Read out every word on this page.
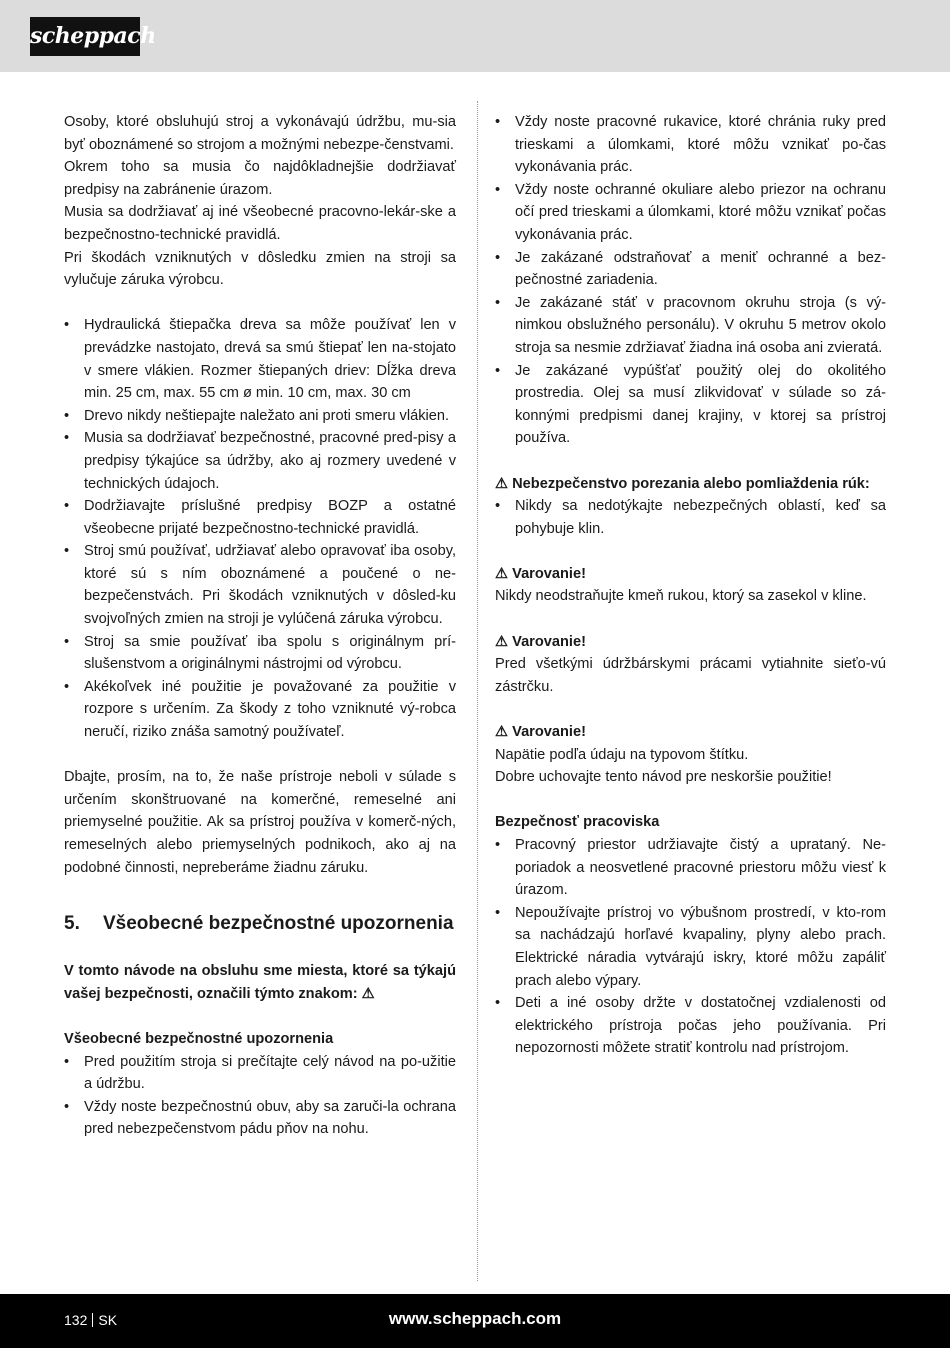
scheppach

Osoby, ktoré obsluhujú stroj a vykonávajú údržbu, mu-sia byť oboznámené so strojom a možnými nebezpe-čenstvami.

Okrem toho sa musia čo najdôkladnejšie dodržiavať predpisy na zabránenie úrazom.

Musia sa dodržiavať aj iné všeobecné pracovno-lekár-ske a bezpečnostno-technické pravidlá.

Pri škodách vzniknutých v dôsledku zmien na stroji sa vylučuje záruka výrobcu.

• Hydraulická štiepačka dreva sa môže používať len v prevádzke nastojato, drevá sa smú štiepať len na-stojato v smere vlákien. Rozmer štiepaných driev: Dĺžka dreva min. 25 cm, max. 55 cm ø min. 10 cm, max. 30 cm
• Drevo nikdy neštiepajte naležato ani proti smeru vlákien.
• Musia sa dodržiavať bezpečnostné, pracovné pred-pisy a predpisy týkajúce sa údržby, ako aj rozmery uvedené v technických údajoch.
• Dodržiavajte príslušné predpisy BOZP a ostatné všeobecne prijaté bezpečnostno-technické pravidlá.
• Stroj smú používať, udržiavať alebo opravovať iba osoby, ktoré sú s ním oboznámené a poučené o ne-bezpečenstvách. Pri škodách vzniknutých v dôsled-ku svojvoľných zmien na stroji je vylúčená záruka výrobcu.
• Stroj sa smie používať iba spolu s originálnym prí-slušenstvom a originálnymi nástrojmi od výrobcu.
• Akékoľvek iné použitie je považované za použitie v rozpore s určením. Za škody z toho vzniknuté vý-robca neručí, riziko znáša samotný používateľ.

Dbajte, prosím, na to, že naše prístroje neboli v súlade s určením skonštruované na komerčné, remeselné ani priemyselné použitie. Ak sa prístroj používa v komerč-ných, remeselných alebo priemyselných podnikoch, ako aj na podobné činnosti, nepreberáme žiadnu záruku.

5.	Všeobecné bezpečnostné upozornenia

V tomto návode na obsluhu sme miesta, ktoré sa týkajú vašej bezpečnosti, označili týmto znakom: ⚠

Všeobecné bezpečnostné upozornenia

• Pred použitím stroja si prečítajte celý návod na po-užitie a údržbu.
• Vždy noste bezpečnostnú obuv, aby sa zaruči-la ochrana pred nebezpečenstvom pádu pňov na nohu.
• Vždy noste pracovné rukavice, ktoré chránia ruky pred trieskami a úlomkami, ktoré môžu vznikať po-čas vykonávania prác.
• Vždy noste ochranné okuliare alebo priezor na ochranu očí pred trieskami a úlomkami, ktoré môžu vznikať počas vykonávania prác.
• Je zakázané odstraňovať a meniť ochranné a bez-pečnostné zariadenia.
• Je zakázané stáť v pracovnom okruhu stroja (s vý-nimkou obslužného personálu). V okruhu 5 metrov okolo stroja sa nesmie zdržiavať žiadna iná osoba ani zvieratá.
• Je zakázané vypúšťať použitý olej do okolitého prostredia. Olej sa musí zlikvidovať v súlade so zá-konnými predpismi danej krajiny, v ktorej sa prístroj používa.

⚠ Nebezpečenstvo porezania alebo pomliaždenia rúk:

• Nikdy sa nedotýkajte nebezpečných oblastí, keď sa pohybuje klin.

⚠ Varovanie!

Nikdy neodstraňujte kmeň rukou, ktorý sa zasekol v kline.

⚠ Varovanie!

Pred všetkými údržbárskymi prácami vytiahnite sieťo-vú zástrčku.

⚠ Varovanie!

Napätie podľa údaju na typovom štítku.

Dobre uchovajte tento návod pre neskoršie použitie!

Bezpečnosť pracoviska

• Pracovný priestor udržiavajte čistý a uprataný. Ne-poriadok a neosvetlené pracovné priestoru môžu viesť k úrazom.
• Nepoužívajte prístroj vo výbušnom prostredí, v kto-rom sa nachádzajú horľavé kvapaliny, plyny alebo prach. Elektrické náradia vytvárajú iskry, ktoré môžu zapáliť prach alebo výpary.
• Deti a iné osoby držte v dostatočnej vzdialenosti od elektrického prístroja počas jeho používania. Pri nepozornosti môžete stratiť kontrolu nad prístrojom.
132 SK	www.scheppach.com
